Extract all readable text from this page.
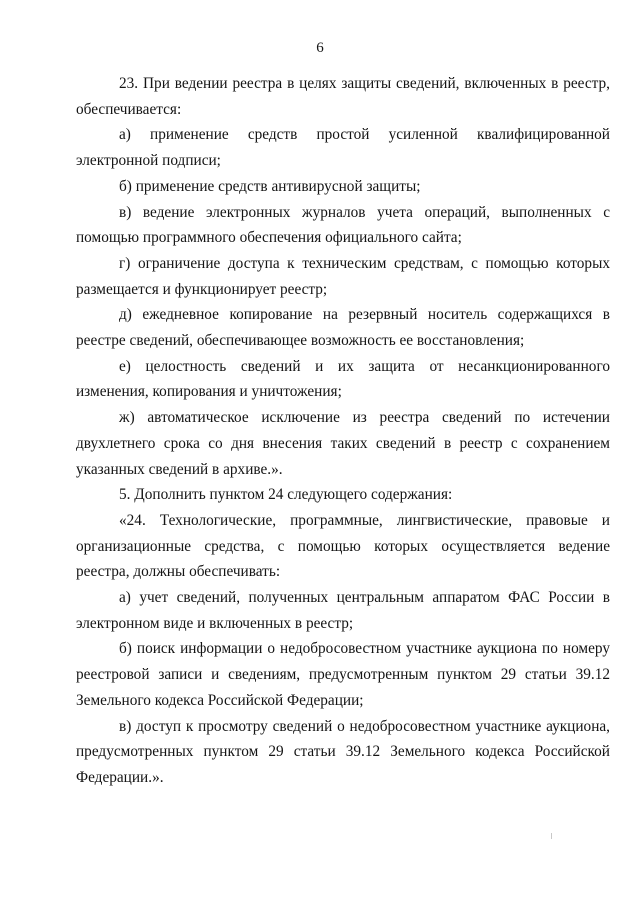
6

23. При ведении реестра в целях защиты сведений, включенных в реестр, обеспечивается:

а) применение средств простой усиленной квалифицированной электронной подписи;

б) применение средств антивирусной защиты;

в) ведение электронных журналов учета операций, выполненных с помощью программного обеспечения официального сайта;

г) ограничение доступа к техническим средствам, с помощью которых размещается и функционирует реестр;

д) ежедневное копирование на резервный носитель содержащихся в реестре сведений, обеспечивающее возможность ее восстановления;

е) целостность сведений и их защита от несанкционированного изменения, копирования и уничтожения;

ж) автоматическое исключение из реестра сведений по истечении двухлетнего срока со дня внесения таких сведений в реестр с сохранением указанных сведений в архиве.».

5. Дополнить пунктом 24 следующего содержания:

«24. Технологические, программные, лингвистические, правовые и организационные средства, с помощью которых осуществляется ведение реестра, должны обеспечивать:

а) учет сведений, полученных центральным аппаратом ФАС России в электронном виде и включенных в реестр;

б) поиск информации о недобросовестном участнике аукциона по номеру реестровой записи и сведениям, предусмотренным пунктом 29 статьи 39.12 Земельного кодекса Российской Федерации;

в) доступ к просмотру сведений о недобросовестном участнике аукциона, предусмотренных пунктом 29 статьи 39.12 Земельного кодекса Российской Федерации.».
